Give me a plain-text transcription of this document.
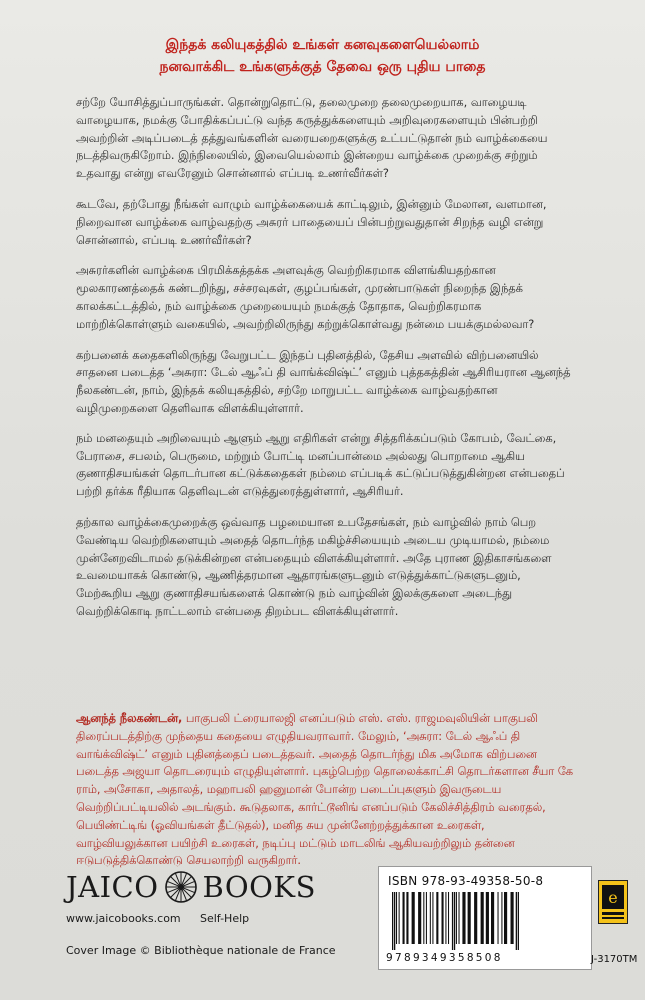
இந்தக் கலியுகத்தில் உங்கள் கனவுகளையெல்லாம்
நனவாக்கிட உங்களுக்குத் தேவை ஒரு புதிய பாதை

சற்றே யோசித்துப்பாருங்கள். தொன்றுதொட்டு, தலைமுறை தலைமுறையாக, வாழையடி வாழையாக, நமக்கு போதிக்கப்பட்டு வந்த கருத்துக்களையும் அறிவுரைகளையும் பின்பற்றி அவற்றின் அடிப்படைத் தத்துவங்களின் வரையறைகளுக்கு உட்பட்டுதான் நம் வாழ்க்கையை நடத்திவருகிறோம். இந்நிலையில், இவையெல்லாம் இன்றைய வாழ்க்கை முறைக்கு சற்றும் உதவாது என்று எவரேனும் சொன்னால் எப்படி உணர்வீர்கள்?

கூடவே, தற்போது நீங்கள் வாழும் வாழ்க்கையைக் காட்டிலும், இன்னும் மேலான, வளமான, நிறைவான வாழ்க்கை வாழ்வதற்கு அசுரர் பாதையைப் பின்பற்றுவதுதான் சிறந்த வழி என்று சொன்னால், எப்படி உணர்வீர்கள்?

அசுரர்களின் வாழ்க்கை பிரமிக்கத்தக்க அளவுக்கு வெற்றிகரமாக விளங்கியதற்கான மூலகாரணத்தைக் கண்டறிந்து, சச்சரவுகள், குழப்பங்கள், முரண்பாடுகள் நிறைந்த இந்தக் காலக்கட்டத்தில், நம் வாழ்க்கை முறையையும் நமக்குத் தோதாக, வெற்றிகரமாக மாற்றிக்கொள்ளும் வகையில், அவற்றிலிருந்து கற்றுக்கொள்வது நன்மை பயக்குமல்லவா?

கற்பனைக் கதைகளிலிருந்து வேறுபட்ட இந்தப் புதினத்தில், தேசிய அளவில் விற்பனையில் சாதனை படைத்த ‘அசுரா: டேல் ஆஃப் தி வாங்க்விஷ்ட்’ எனும் புத்தகத்தின் ஆசிரியரான ஆனந்த் நீலகண்டன், நாம், இந்தக் கலியுகத்தில், சற்றே மாறுபட்ட வாழ்க்கை வாழ்வதற்கான வழிமுறைகளை தெளிவாக விளக்கியுள்ளார்.

நம் மனதையும் அறிவையும் ஆளும் ஆறு எதிரிகள் என்று சித்தரிக்கப்படும் கோபம், வேட்கை, பேராசை, சபலம், பெருமை, மற்றும் போட்டி மனப்பான்மை அல்லது பொறாமை ஆகிய குணாதிசயங்கள் தொடர்பான கட்டுக்கதைகள் நம்மை எப்படிக் கட்டுப்படுத்துகின்றன என்பதைப் பற்றி தர்க்க ரீதியாக தெளிவுடன் எடுத்துரைத்துள்ளார், ஆசிரியர்.

தற்கால வாழ்க்கைமுறைக்கு ஒவ்வாத பழமையான உபதேசங்கள், நம் வாழ்வில் நாம் பெற வேண்டிய வெற்றிகளையும் அதைத் தொடர்ந்த மகிழ்ச்சியையும் அடைய முடியாமல், நம்மை முன்னேறவிடாமல் தடுக்கின்றன என்பதையும் விளக்கியுள்ளார். அதே புராண இதிகாசங்களை உவமையாகக் கொண்டு, ஆணித்தரமான ஆதாரங்களுடனும் எடுத்துக்காட்டுகளுடனும், மேற்கூறிய ஆறு குணாதிசயங்களைக் கொண்டு நம் வாழ்வின் இலக்குகளை அடைந்து வெற்றிக்கொடி நாட்டலாம் என்பதை திறம்பட விளக்கியுள்ளார்.

ஆனந்த் நீலகண்டன், பாகுபலி ட்ரையாலஜி எனப்படும் எஸ். எஸ். ராஜமவுலியின் பாகுபலி திரைப்படத்திற்கு முந்தைய கதையை எழுதியவராவார். மேலும், ‘அசுரா: டேல் ஆஃப் தி வாங்க்விஷ்ட்’ எனும் புதினத்தைப் படைத்தவர். அதைத் தொடர்ந்து மிக அமோக விற்பனை படைத்த அஜயா தொடரையும் எழுதியுள்ளார். புகழ்பெற்ற தொலைக்காட்சி தொடர்களான சீயா கே ராம், அசோகா, அதாலத், மஹாபலி ஹனுமான் போன்ற படைப்புகளும் இவருடைய வெற்றிப்பட்டியலில் அடங்கும். கூடுதலாக, கார்ட்டூனிங் எனப்படும் கேலிச்சித்திரம் வரைதல், பெயிண்ட்டிங் (ஓவியங்கள் தீட்டுதல்), மனித சுய முன்னேற்றத்துக்கான உரைகள், வாழ்வியலுக்கான பயிற்சி உரைகள், நடிப்பு மட்டும் மாடலிங் ஆகியவற்றிலும் தன்னை ஈடுபடுத்திக்கொண்டு செயலாற்றி வருகிறார்.
JAICO BOOKS
www.jaicobooks.com Self-Help
Cover Image © Bibliothèque nationale de France
ISBN 978-93-49358-50-8
9789349358508
e
J-3170TM
